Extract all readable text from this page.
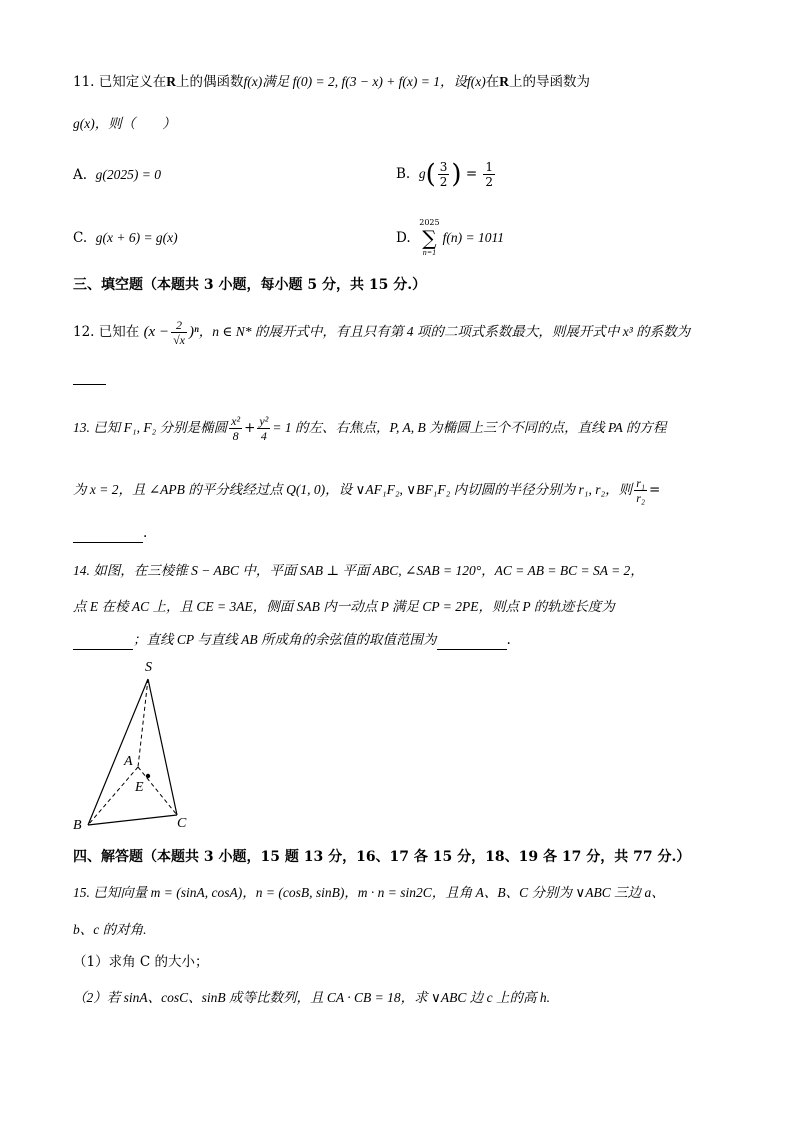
11. 已知定义在R上的偶函数f(x)满足 f(0) = 2, f(3 − x) + f(x) = 1，设f(x)在R上的导函数为
g(x)，则（　　）
A. g(2025) = 0	B. $g( \frac{3}{2}$ ) = $\frac{1}{2}$
C. g(x + 6) = g(x)	D.
2025
∑
n=1
f(n) = 1011
三、填空题（本题共 3 小题，每小题 5 分，共 15 分.）
12. 已知在 $(x - \frac{2}{√x} )^n$，n ∈ N* 的展开式中，有且只有第 4 项的二项式系数最大，则展开式中 x³ 的系数为
13. 已知 F₁, F₂ 分别是椭圆 $\frac{\text{x²}}{8} + \frac{\text{y²}}{4} = 1$ 的左、右焦点，P, A, B 为椭圆上三个不同的点，直线 PA 的方程
为 x = 2，且 ∠APB 的平分线经过点 Q(1, 0)，设 ∨AF₁F₂, ∨BF₁F₂ 内切圆的半径分别为 r₁, r₂，则 $\frac{\text{r₁}}{\text{r₂}}$ =
.
14. 如图，在三棱锥 S − ABC 中，平面 SAB ⊥ 平面 ABC, ∠SAB = 120°，AC = AB = BC = SA = 2，
点 E 在棱 AC 上，且 CE = 3AE，侧面 SAB 内一动点 P 满足 CP = 2PE，则点 P 的轨迹长度为
；直线 CP 与直线 AB 所成角的余弦值的取值范围为	.
S
A
E
B	C
四、解答题（本题共 3 小题，15 题 13 分，16、17 各 15 分，18、19 各 17 分，共 77 分.）
15. 已知向量 m = (sinA, cosA)，n = (cosB, sinB)，m · n = sin2C，且角 A、B、C 分别为 ∨ABC 三边 a、
b、c 的对角.
（1）求角 C 的大小；
（2）若 sinA、cosC、sinB 成等比数列，且 CA · CB = 18，求 ∨ABC 边 c 上的高 h.
